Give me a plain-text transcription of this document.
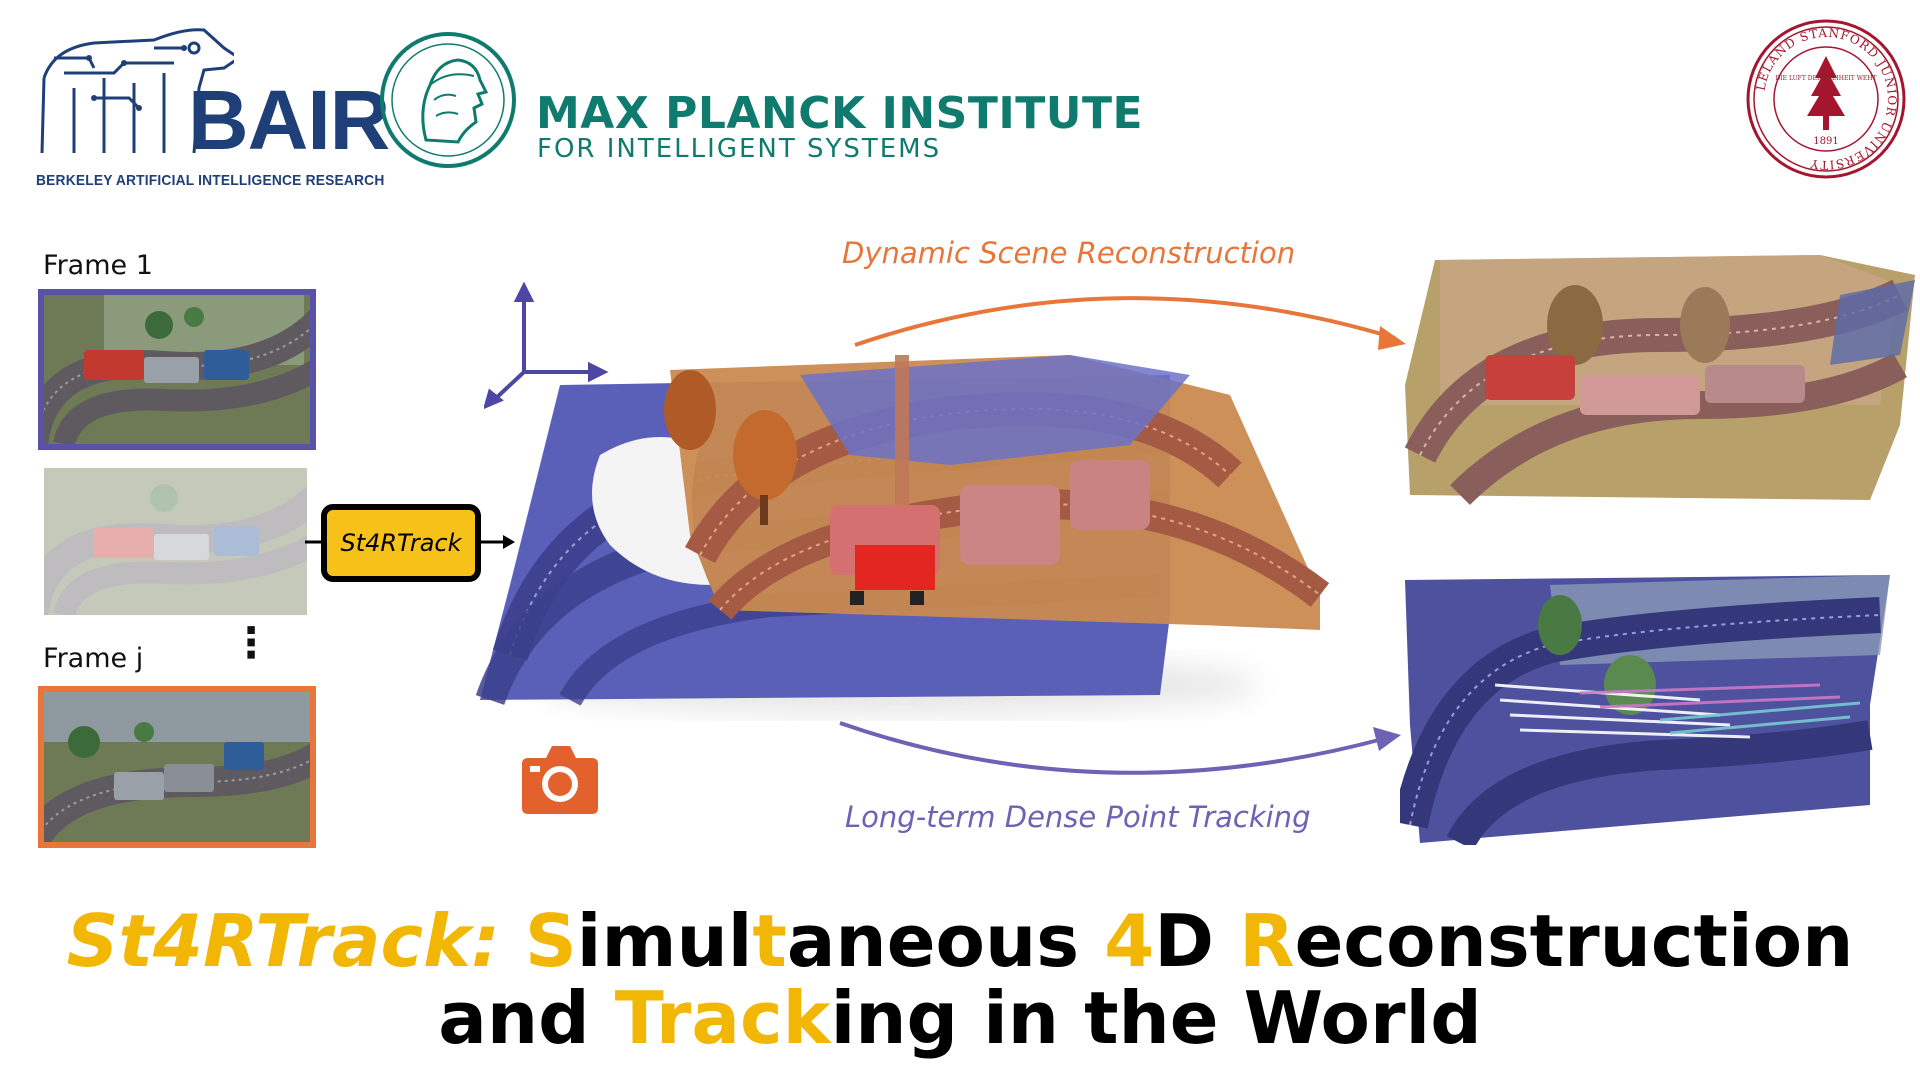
BAIR
BERKELEY ARTIFICIAL INTELLIGENCE RESEARCH
MAX PLANCK INSTITUTE
FOR INTELLIGENT SYSTEMS
LELAND STANFORD JUNIOR UNIVERSITY
DIE LUFT DER FREIHEIT WEHT
1891
Frame 1
⋮
Frame j
St4RTrack
Dynamic Scene Reconstruction
Long-term Dense Point Tracking
St4RTrack: Simultaneous 4D Reconstruction
and Tracking in the World
